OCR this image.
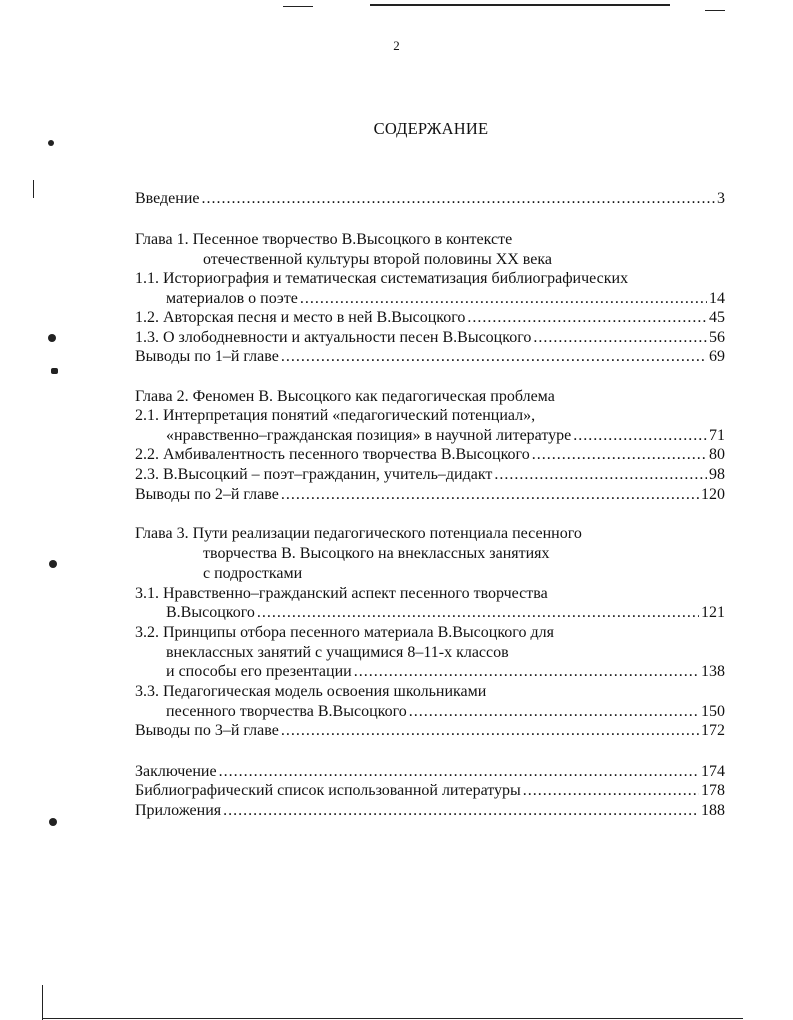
2
СОДЕРЖАНИЕ
Введение .....	3
Глава 1. Песенное творчество В.Высоцкого в контексте
отечественной культуры второй половины XX века
1.1. Историография и тематическая систематизация библиографических
материалов о поэте .....	14
1.2. Авторская песня и место в ней В.Высоцкого .....	45
1.3. О злободневности и актуальности песен В.Высоцкого .....	56
Выводы по 1–й главе .....	69
Глава 2. Феномен В. Высоцкого как педагогическая проблема
2.1. Интерпретация понятий «педагогический потенциал»,
«нравственно–гражданская позиция» в научной литературе .....	71
2.2. Амбивалентность песенного творчества В.Высоцкого .....	80
2.3. В.Высоцкий – поэт–гражданин, учитель–дидакт .....	98
Выводы по 2–й главе .....	120
Глава 3. Пути реализации педагогического потенциала песенного
творчества В. Высоцкого на внеклассных занятиях
с подростками
3.1. Нравственно–гражданский аспект песенного творчества
В.Высоцкого .....	121
3.2. Принципы отбора песенного материала В.Высоцкого для
внеклассных занятий с учащимися 8–11-х классов
и способы его презентации .....	138
3.3. Педагогическая модель освоения школьниками
песенного творчества В.Высоцкого .....	150
Выводы по 3–й главе .....	172
Заключение .....	174
Библиографический список использованной литературы .....	178
Приложения .....	188
